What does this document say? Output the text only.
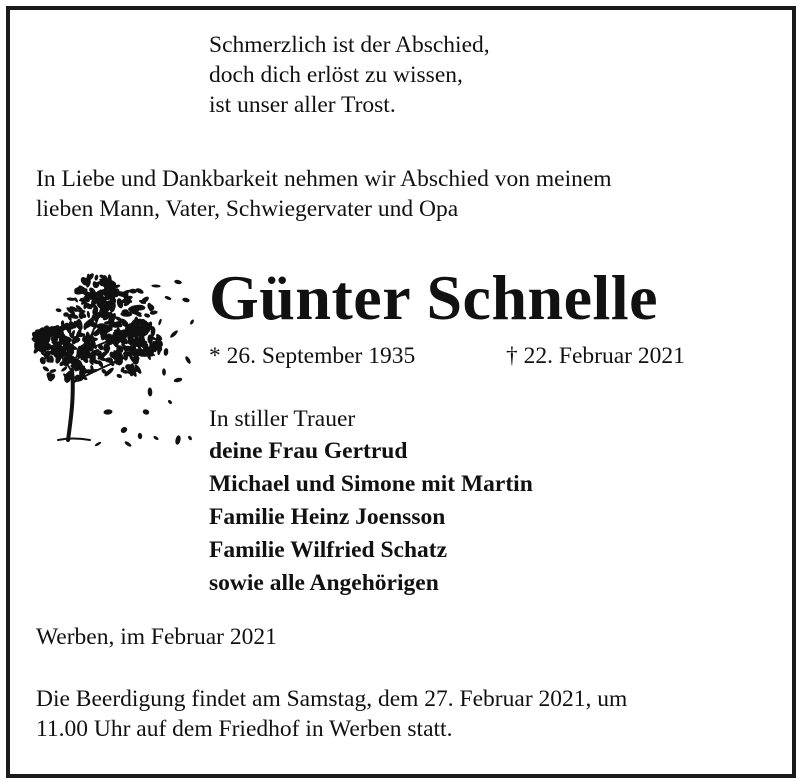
Schmerzlich ist der Abschied,
doch dich erlöst zu wissen,
ist unser aller Trost.
In Liebe und Dankbarkeit nehmen wir Abschied von meinem
lieben Mann, Vater, Schwiegervater und Opa
Günter Schnelle
* 26. September 1935	† 22. Februar 2021
In stiller Trauer
deine Frau Gertrud
Michael und Simone mit Martin
Familie Heinz Joensson
Familie Wilfried Schatz
sowie alle Angehörigen
Werben, im Februar 2021
Die Beerdigung findet am Samstag, dem 27. Februar 2021, um
11.00 Uhr auf dem Friedhof in Werben statt.
